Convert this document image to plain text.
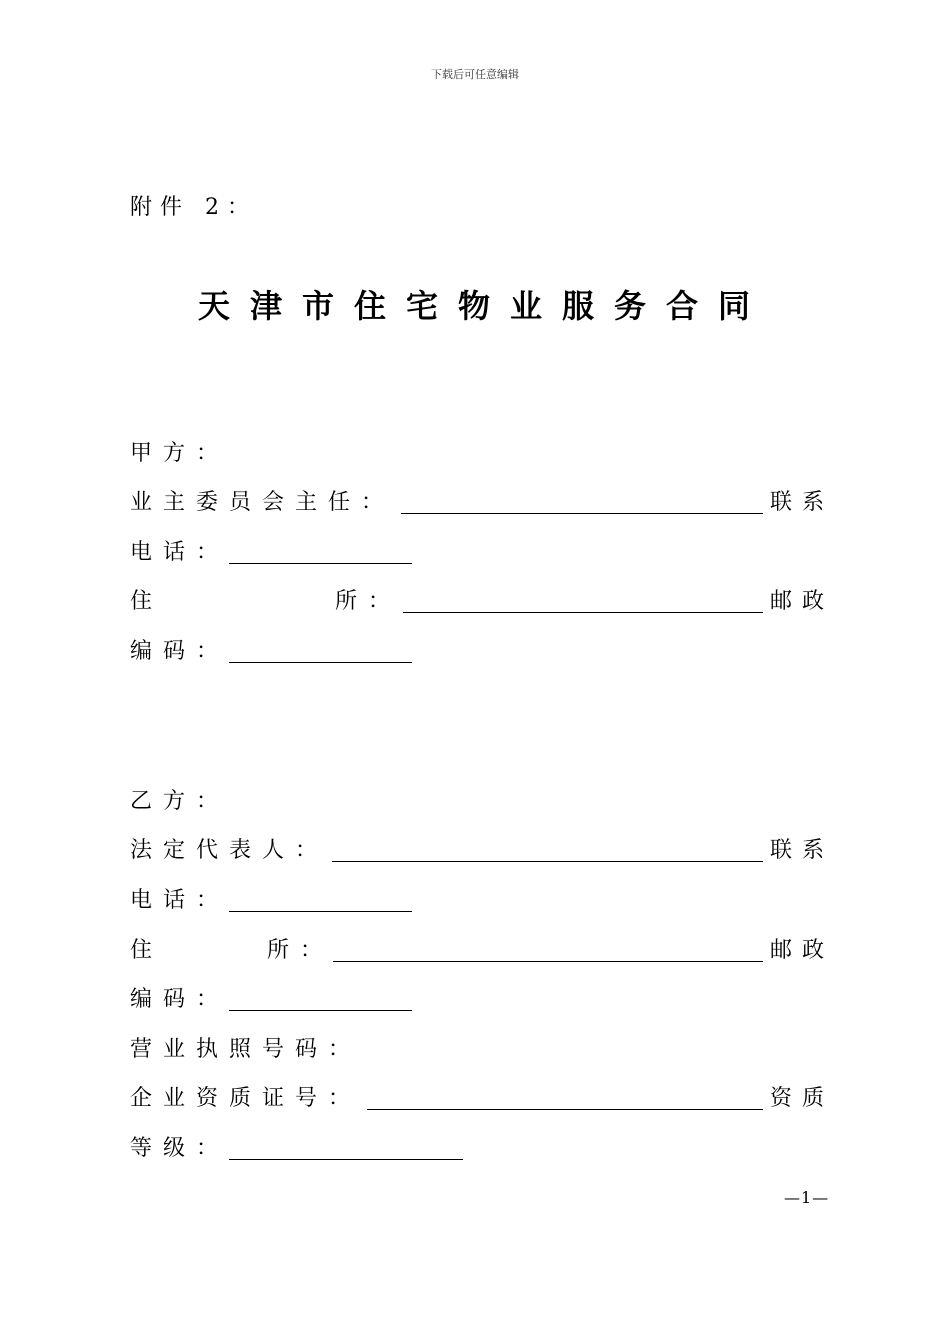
下载后可任意编辑
附件 2：
天津市住宅物业服务合同
甲方：
业主委员会主任：	联系
电话：
住	所：	邮政
编码：
乙方：
法定代表人：	联系
电话：
住	所：	邮政
编码：
营业执照号码：
企业资质证号：	资质
等级：
—1—
